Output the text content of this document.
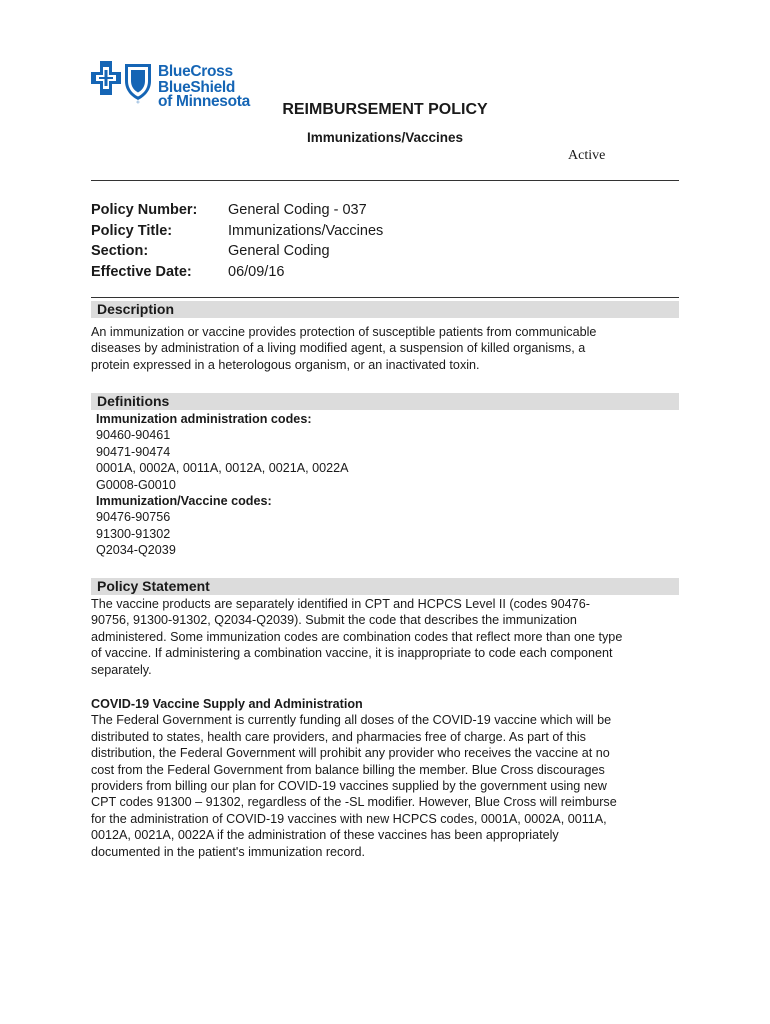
®
BlueCross BlueShield
of Minnesota	REIMBURSEMENT POLICY
Immunizations/Vaccines
Active
Policy Number: General Coding - 037
Policy Title:	Immunizations/Vaccines
Section:	General Coding
Effective Date:	06/09/16
Description
An immunization or vaccine provides protection of susceptible patients from communicable
diseases by administration of a living modified agent, a suspension of killed organisms, a
protein expressed in a heterologous organism, or an inactivated toxin.
Definitions
Immunization administration codes:
90460-90461
90471-90474
0001A, 0002A, 0011A, 0012A, 0021A, 0022A
G0008-G0010
Immunization/Vaccine codes:
90476-90756
91300-91302
Q2034-Q2039
Policy Statement
The vaccine products are separately identified in CPT and HCPCS Level II (codes 90476-
90756, 91300-91302, Q2034-Q2039). Submit the code that describes the immunization
administered. Some immunization codes are combination codes that reflect more than one type
of vaccine. If administering a combination vaccine, it is inappropriate to code each component
separately.
COVID-19 Vaccine Supply and Administration
The Federal Government is currently funding all doses of the COVID-19 vaccine which will be
distributed to states, health care providers, and pharmacies free of charge. As part of this
distribution, the Federal Government will prohibit any provider who receives the vaccine at no
cost from the Federal Government from balance billing the member. Blue Cross discourages
providers from billing our plan for COVID-19 vaccines supplied by the government using new
CPT codes 91300 – 91302, regardless of the -SL modifier. However, Blue Cross will reimburse
for the administration of COVID-19 vaccines with new HCPCS codes, 0001A, 0002A, 0011A,
0012A, 0021A, 0022A if the administration of these vaccines has been appropriately
documented in the patient's immunization record.
